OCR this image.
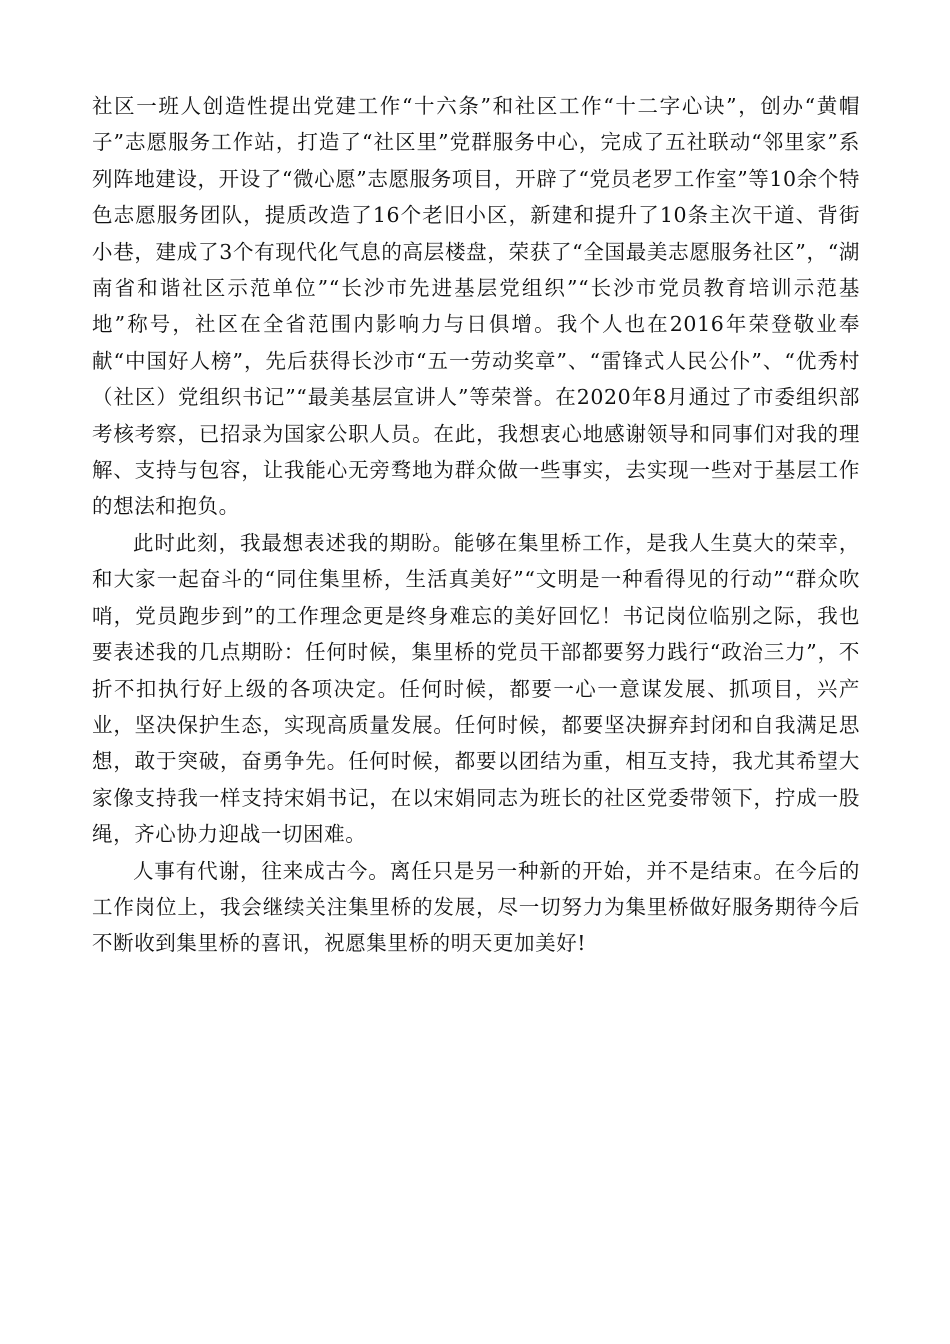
社区一班人创造性提出党建工作“十六条”和社区工作“十二字心诀”，创办“黄帽子”志愿服务工作站，打造了“社区里”党群服务中心，完成了五社联动“邻里家”系列阵地建设，开设了“微心愿”志愿服务项目，开辟了“党员老罗工作室”等10余个特色志愿服务团队，提质改造了16个老旧小区，新建和提升了10条主次干道、背街小巷，建成了3个有现代化气息的高层楼盘，荣获了“全国最美志愿服务社区”，“湖南省和谐社区示范单位”“长沙市先进基层党组织”“长沙市党员教育培训示范基地”称号，社区在全省范围内影响力与日俱增。我个人也在2016年荣登敬业奉献“中国好人榜”，先后获得长沙市“五一劳动奖章”、“雷锋式人民公仆”、“优秀村（社区）党组织书记”“最美基层宣讲人”等荣誉。在2020年8月通过了市委组织部考核考察，已招录为国家公职人员。在此，我想衷心地感谢领导和同事们对我的理解、支持与包容，让我能心无旁骛地为群众做一些事实，去实现一些对于基层工作的想法和抱负。

此时此刻，我最想表述我的期盼。能够在集里桥工作，是我人生莫大的荣幸，和大家一起奋斗的“同住集里桥，生活真美好”“文明是一种看得见的行动”“群众吹哨，党员跑步到”的工作理念更是终身难忘的美好回忆！书记岗位临别之际，我也要表述我的几点期盼：任何时候，集里桥的党员干部都要努力践行“政治三力”，不折不扣执行好上级的各项决定。任何时候，都要一心一意谋发展、抓项目，兴产业，坚决保护生态，实现高质量发展。任何时候，都要坚决摒弃封闭和自我满足思想，敢于突破，奋勇争先。任何时候，都要以团结为重，相互支持，我尤其希望大家像支持我一样支持宋娟书记，在以宋娟同志为班长的社区党委带领下，拧成一股绳，齐心协力迎战一切困难。

人事有代谢，往来成古今。离任只是另一种新的开始，并不是结束。在今后的工作岗位上，我会继续关注集里桥的发展，尽一切努力为集里桥做好服务期待今后不断收到集里桥的喜讯，祝愿集里桥的明天更加美好!
